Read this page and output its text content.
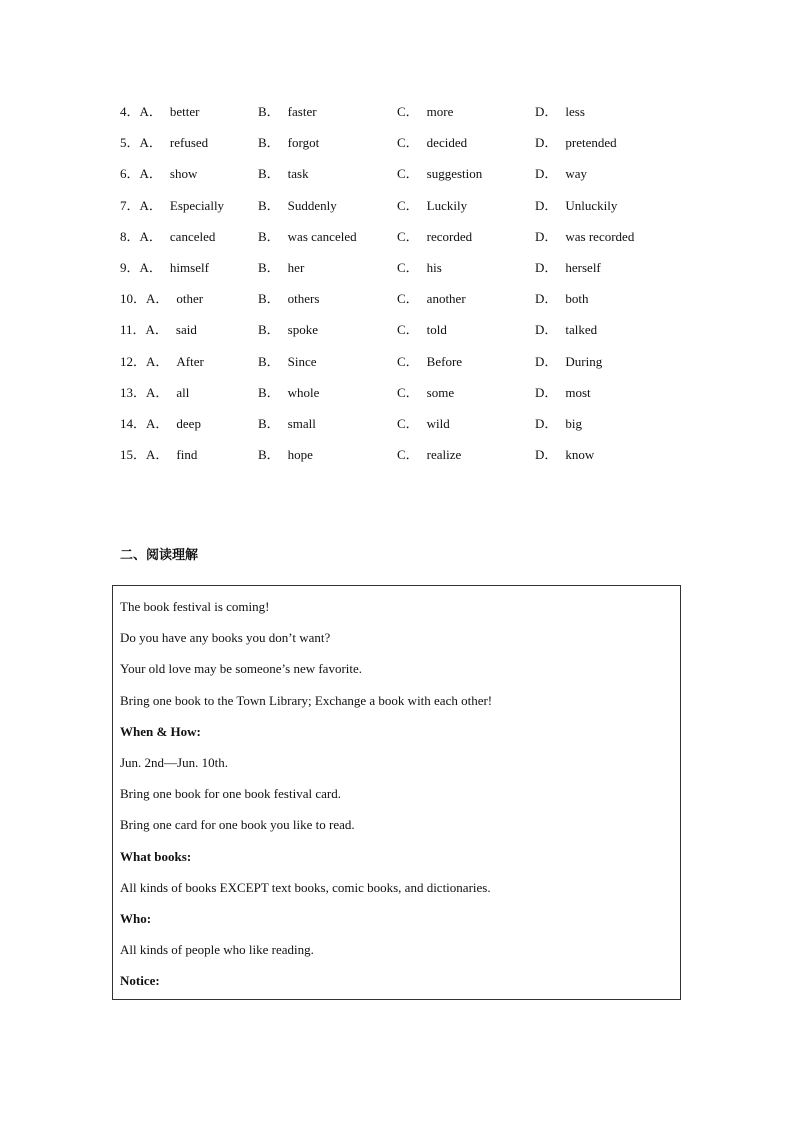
4．A． better	B． faster	C． more	D． less
5．A． refused	B． forgot	C． decided	D． pretended
6．A． show	B． task	C． suggestion	D． way
7．A． Especially	B． Suddenly	C． Luckily	D． Unluckily
8．A． canceled	B． was canceled	C． recorded	D． was recorded
9．A． himself	B． her	C． his	D． herself
10．A． other	B． others	C． another	D． both
11．A． said	B． spoke	C． told	D． talked
12．A． After	B． Since	C． Before	D． During
13．A． all	B． whole	C． some	D． most
14．A． deep	B． small	C． wild	D． big
15．A． find	B． hope	C． realize	D． know
二、阅读理解
The book festival is coming!
Do you have any books you don’t want?
Your old love may be someone’s new favorite.
Bring one book to the Town Library; Exchange a book with each other!
When & How:
Jun. 2nd—Jun. 10th.
Bring one book for one book festival card.
Bring one card for one book you like to read.
What books:
All kinds of books EXCEPT text books, comic books, and dictionaries.
Who:
All kinds of people who like reading.
Notice:
